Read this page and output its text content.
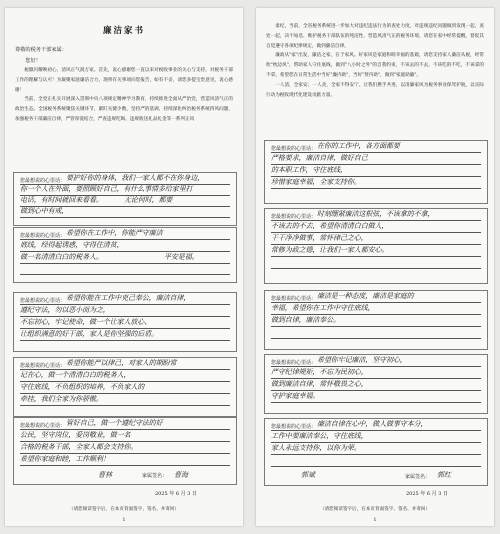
廉洁家书
尊敬的税务干部家属：
您好！
税徽闪耀映初心，清风正气润万家。首先，衷心感谢您一直以来对税收事业的关心与支持，对税务干部工作的理解与认可！为凝聚家庭廉洁合力，现将有关事项向您报告，如有不妥，请您多提宝贵意见，衷心感谢！
当前，全党正扎实开展深入贯彻中央八项规定精神学习教育，持续推进全面从严治党，营造风清气正的政治生态。全国税务系统聚焦关键环节，紧盯关键少数，坚持严的基调，持续深化纠治税务系统四风问题，加强税务干部廉洁自律，严管厚爱结合，严查违规吃喝、违规收送礼品礼金等一系列正风
您最想说的心里话： 要护好你的身体，我们一家人都不在你身边，
你一个人在外面，要照顾好自己，有什么事情多给家里打
电话，有时间就回来看看。	无论何时，都要
做到心中有戒，
您最想说的心里话： 希望你在工作中，你能严守廉洁
底线，经得起诱惑，守得住清贫，
做一名清清白白的税务人。	平安是福。
您最想说的心里话： 希望你能在工作中克己奉公，廉洁自律，
遵纪守法，勿以恶小而为之，
不忘初心，牢记使命，做一个让家人放心、
让组织满意的好干部，家人是你坚强的后盾。
您最想说的心里话： 希望你能严以律己，对家人的期盼常
记在心，做一个清清白白的税务人，
守住底线，不负组织的培养，不负家人的
牵挂，我们全家为你骄傲。
您最想说的心里话： 管好自己，做一个遵纪守法的好
公民，坚守岗位，爱岗敬业，做一名
合格的税务干部，全家人都会支持你。
希望你家庭和睦，工作顺利！
曹林	家属签名： 曹海
2025 年 6 月 3 日
（请您阅读签字后，在本页背面签字、签名、并寄回）
1
肃纪，当前，全省税务系统进一步加大对违纪违法行为的查处力度，对违规违纪问题做到发现一起、查处一起，决不姑息，维护税务干部队伍的纯洁性，营造风清气正的税务环境，请您在家中经常提醒，督促其自觉遵守各项纪律规定，做到廉洁自律。
廉政从"家"出发，廉洁之家，在于家风。好家风是家庭和睦幸福的基础，请您支持家人廉洁从税，经常吹"枕边风"，帮助家人守住底线，做到"八小时之外"的自我约束，不该去的不去，不该吃的不吃，不该拿的不拿。希望您在日常生活中当好"廉内助"，当好"贤内助"，做到"家庭助廉"。
一人清，全家安；一人贪，全家不得安宁。让我们携手共进，以清廉家风为税务事业保驾护航，以实际行动为税收现代化建设贡献力量。
您最想说的心里话： 在你的工作中，各方面都要
严格要求，廉洁自律，做好自己
的本职工作，守住底线，
珍惜家庭幸福，全家支持你。
您最想说的心里话： 时刻绷紧廉洁这根弦，不该拿的不拿，
不该去的不去，希望你清清白白做人，
干干净净做事，常怀律己之心，
常修为政之德，让我们一家人都安心。
您最想说的心里话： 廉洁是一种态度，廉洁是家庭的
幸福，希望你在工作中守住底线，
做到自律，廉洁奉公。
您最想说的心里话： 希望你牢记廉洁，坚守初心，
严守纪律规矩，不忘为民初心，
做到廉洁自律，常怀敬畏之心，
守护家庭幸福。
您最想说的心里话： 廉洁自律在心中，做人做事守本分，
工作中要廉洁奉公，守住底线，
家人永远支持你，以你为荣。
郭斌	家属签名： 郭红
2025 年 6 月 3 日
（请您阅读签字后，在本页背面签字、签名、并寄回）
1
